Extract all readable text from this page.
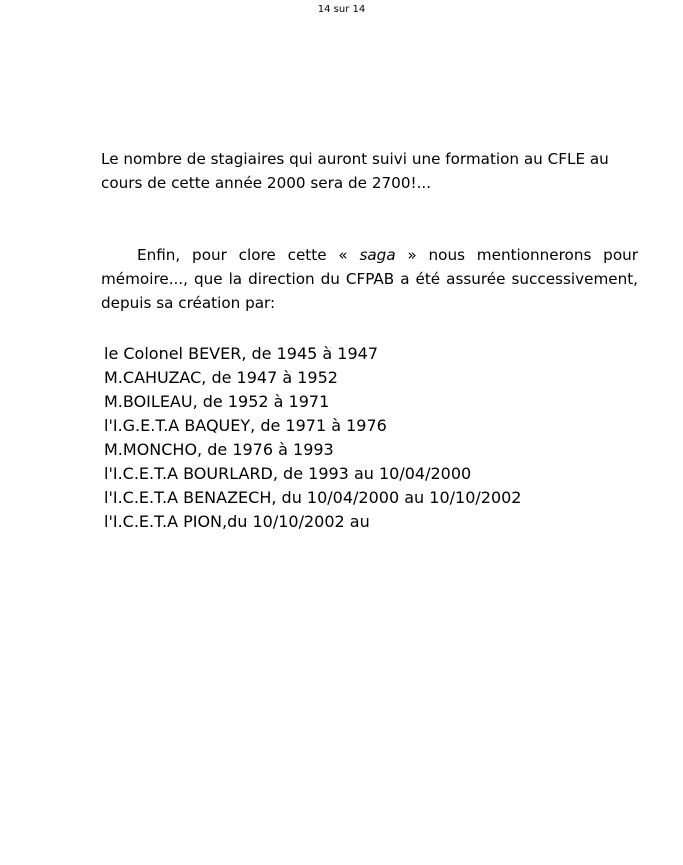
14 sur 14

Le nombre de stagiaires qui auront suivi une formation au CFLE au cours de cette année 2000 sera de 2700!...

Enfin, pour clore cette « saga » nous mentionnerons pour mémoire..., que la direction du CFPAB a été assurée successivement, depuis sa création par:

le Colonel BEVER, de 1945 à 1947
M.CAHUZAC, de 1947 à 1952
M.BOILEAU, de 1952 à 1971
l'I.G.E.T.A BAQUEY, de 1971 à 1976
M.MONCHO, de 1976 à 1993
l'I.C.E.T.A BOURLARD, de 1993 au 10/04/2000
l'I.C.E.T.A BENAZECH, du 10/04/2000 au 10/10/2002
l'I.C.E.T.A PION,du 10/10/2002 au
